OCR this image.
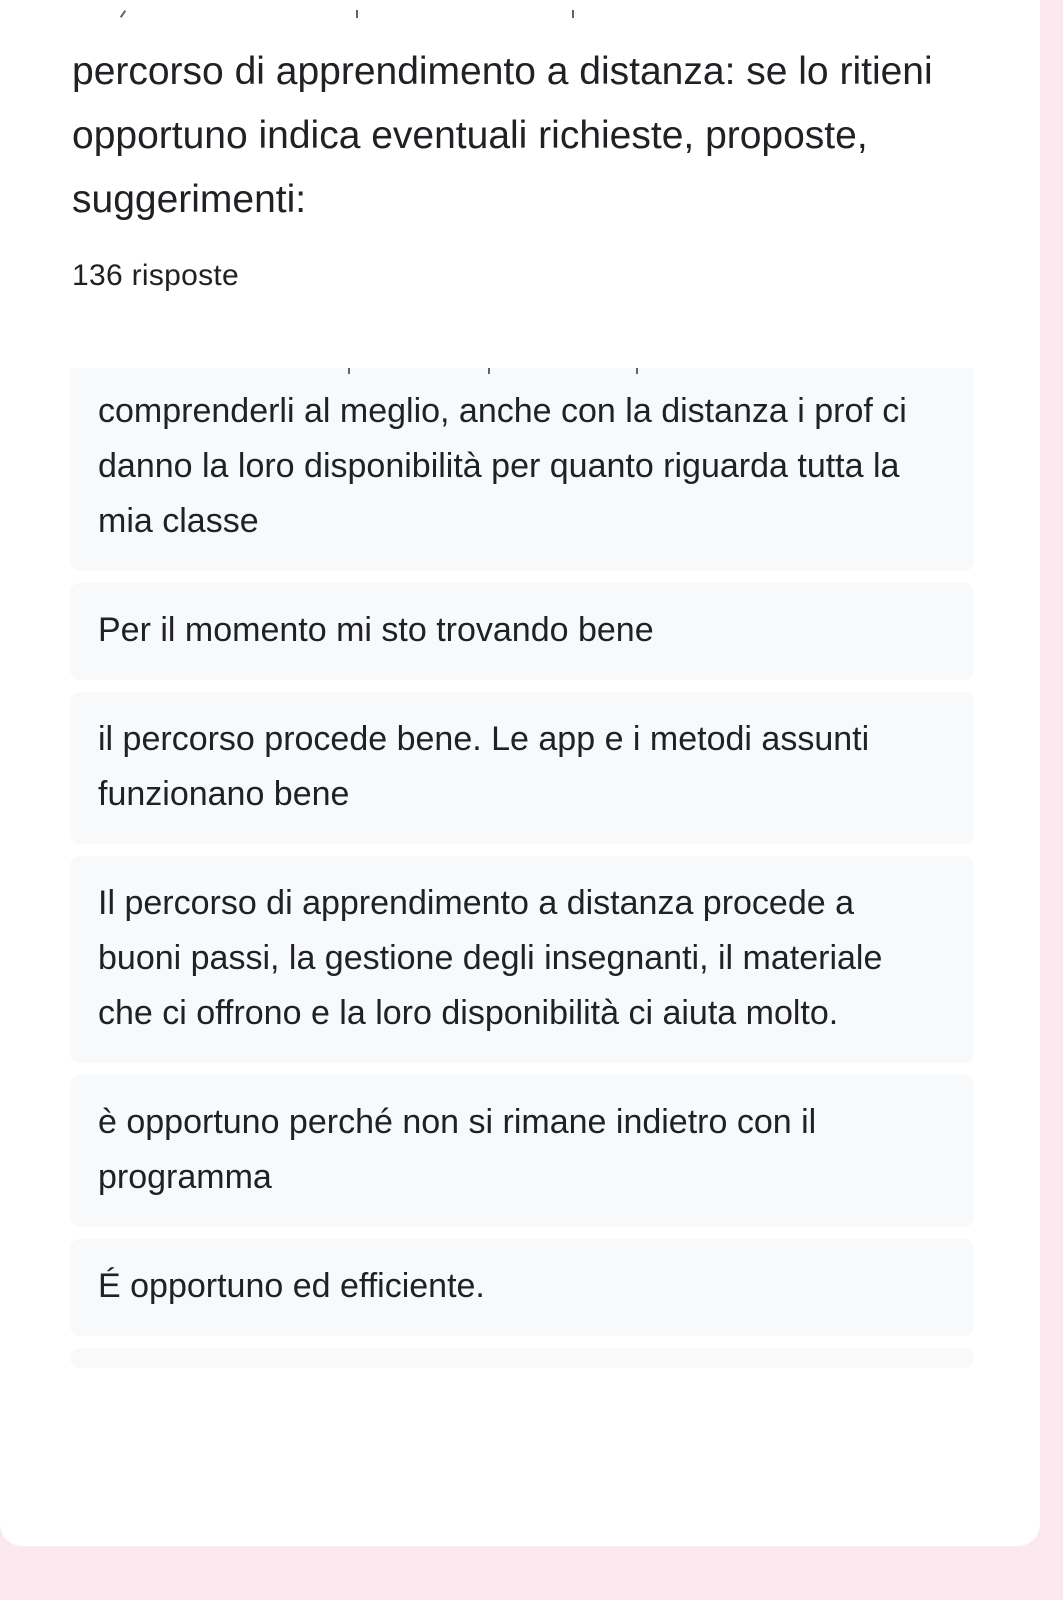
percorso di apprendimento a distanza: se lo ritieni opportuno indica eventuali richieste, proposte, suggerimenti:
136 risposte
comprenderli al meglio, anche con la distanza i prof ci danno la loro disponibilità per quanto riguarda tutta la mia classe
Per il momento mi sto trovando bene
il percorso procede bene. Le app e i metodi assunti funzionano bene
Il percorso di apprendimento a distanza procede a buoni passi, la gestione degli insegnanti, il materiale che ci offrono e la loro disponibilità ci aiuta molto.
è opportuno perché non si rimane indietro con il programma
É opportuno ed efficiente.
